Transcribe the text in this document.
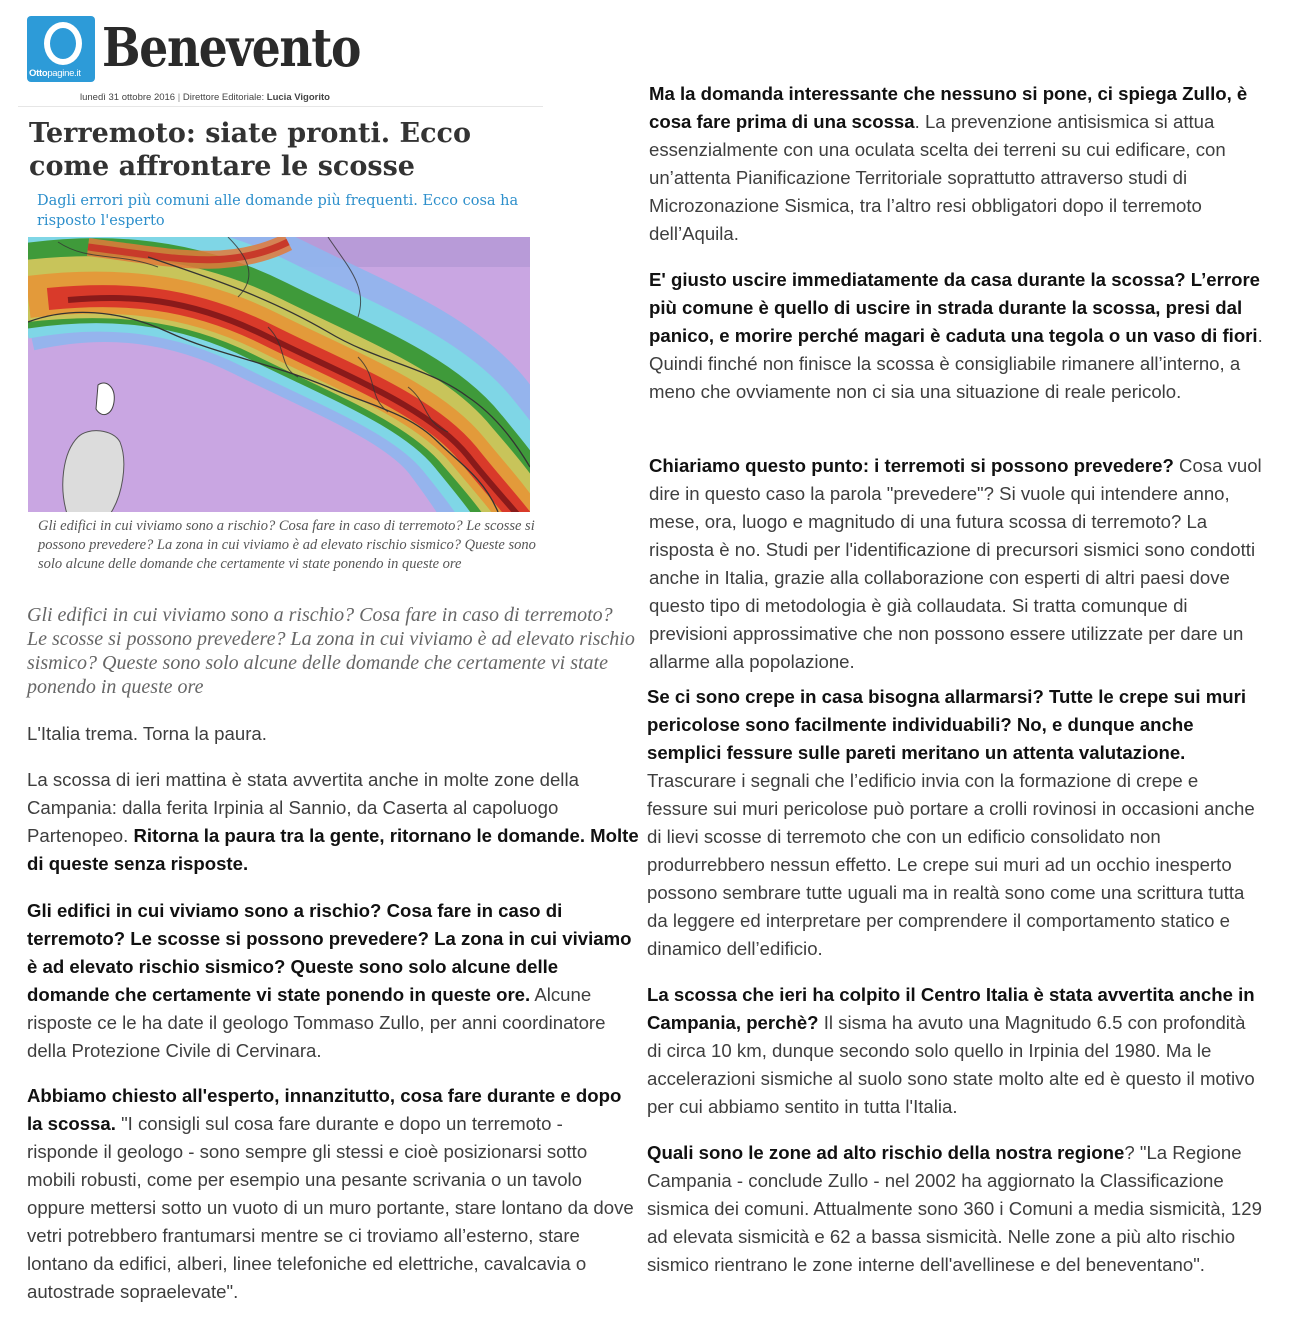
Ottopagine.it Benevento
lunedì 31 ottobre 2016 | Direttore Editoriale: Lucia Vigorito
Terremoto: siate pronti. Ecco come affrontare le scosse
Dagli errori più comuni alle domande più frequenti. Ecco cosa ha risposto l'esperto
Gli edifici in cui viviamo sono a rischio? Cosa fare in caso di terremoto? Le scosse si possono prevedere? La zona in cui viviamo è ad elevato rischio sismico? Queste sono solo alcune delle domande che certamente vi state ponendo in queste ore
Gli edifici in cui viviamo sono a rischio? Cosa fare in caso di terremoto? Le scosse si possono prevedere? La zona in cui viviamo è ad elevato rischio sismico? Queste sono solo alcune delle domande che certamente vi state ponendo in queste ore

L'Italia trema. Torna la paura.

La scossa di ieri mattina è stata avvertita anche in molte zone della Campania: dalla ferita Irpinia al Sannio, da Caserta al capoluogo Partenopeo. Ritorna la paura tra la gente, ritornano le domande. Molte di queste senza risposte.

Gli edifici in cui viviamo sono a rischio? Cosa fare in caso di terremoto? Le scosse si possono prevedere? La zona in cui viviamo è ad elevato rischio sismico? Queste sono solo alcune delle domande che certamente vi state ponendo in queste ore. Alcune risposte ce le ha date il geologo Tommaso Zullo, per anni coordinatore della Protezione Civile di Cervinara.

Abbiamo chiesto all'esperto, innanzitutto, cosa fare durante e dopo la scossa. "I consigli sul cosa fare durante e dopo un terremoto - risponde il geologo - sono sempre gli stessi e cioè posizionarsi sotto mobili robusti, come per esempio una pesante scrivania o un tavolo oppure mettersi sotto un vuoto di un muro portante, stare lontano da dove vetri potrebbero frantumarsi mentre se ci troviamo all’esterno, stare lontano da edifici, alberi, linee telefoniche ed elettriche, cavalcavia o autostrade sopraelevate".

Ma la domanda interessante che nessuno si pone, ci spiega Zullo, è cosa fare prima di una scossa. La prevenzione antisismica si attua essenzialmente con una oculata scelta dei terreni su cui edificare, con un’attenta Pianificazione Territoriale soprattutto attraverso studi di Microzonazione Sismica, tra l’altro resi obbligatori dopo il terremoto dell’Aquila.

E' giusto uscire immediatamente da casa durante la scossa? L’errore più comune è quello di uscire in strada durante la scossa, presi dal panico, e morire perché magari è caduta una tegola o un vaso di fiori. Quindi finché non finisce la scossa è consigliabile rimanere all’interno, a meno che ovviamente non ci sia una situazione di reale pericolo.

Chiariamo questo punto: i terremoti si possono prevedere? Cosa vuol dire in questo caso la parola "prevedere"? Si vuole qui intendere anno, mese, ora, luogo e magnitudo di una futura scossa di terremoto? La risposta è no. Studi per l'identificazione di precursori sismici sono condotti anche in Italia, grazie alla collaborazione con esperti di altri paesi dove questo tipo di metodologia è già collaudata. Si tratta comunque di previsioni approssimative che non possono essere utilizzate per dare un allarme alla popolazione.

Se ci sono crepe in casa bisogna allarmarsi? Tutte le crepe sui muri pericolose sono facilmente individuabili? No, e dunque anche semplici fessure sulle pareti meritano un attenta valutazione. Trascurare i segnali che l’edificio invia con la formazione di crepe e fessure sui muri pericolose può portare a crolli rovinosi in occasioni anche di lievi scosse di terremoto che con un edificio consolidato non produrrebbero nessun effetto. Le crepe sui muri ad un occhio inesperto possono sembrare tutte uguali ma in realtà sono come una scrittura tutta da leggere ed interpretare per comprendere il comportamento statico e dinamico dell’edificio.

La scossa che ieri ha colpito il Centro Italia è stata avvertita anche in Campania, perchè? Il sisma ha avuto una Magnitudo 6.5 con profondità di circa 10 km, dunque secondo solo quello in Irpinia del 1980. Ma le accelerazioni sismiche al suolo sono state molto alte ed è questo il motivo per cui abbiamo sentito in tutta l'Italia.

Quali sono le zone ad alto rischio della nostra regione? "La Regione Campania - conclude Zullo - nel 2002 ha aggiornato la Classificazione sismica dei comuni. Attualmente sono 360 i Comuni a media sismicità, 129 ad elevata sismicità e 62 a bassa sismicità. Nelle zone a più alto rischio sismico rientrano le zone interne dell'avellinese e del beneventano".
